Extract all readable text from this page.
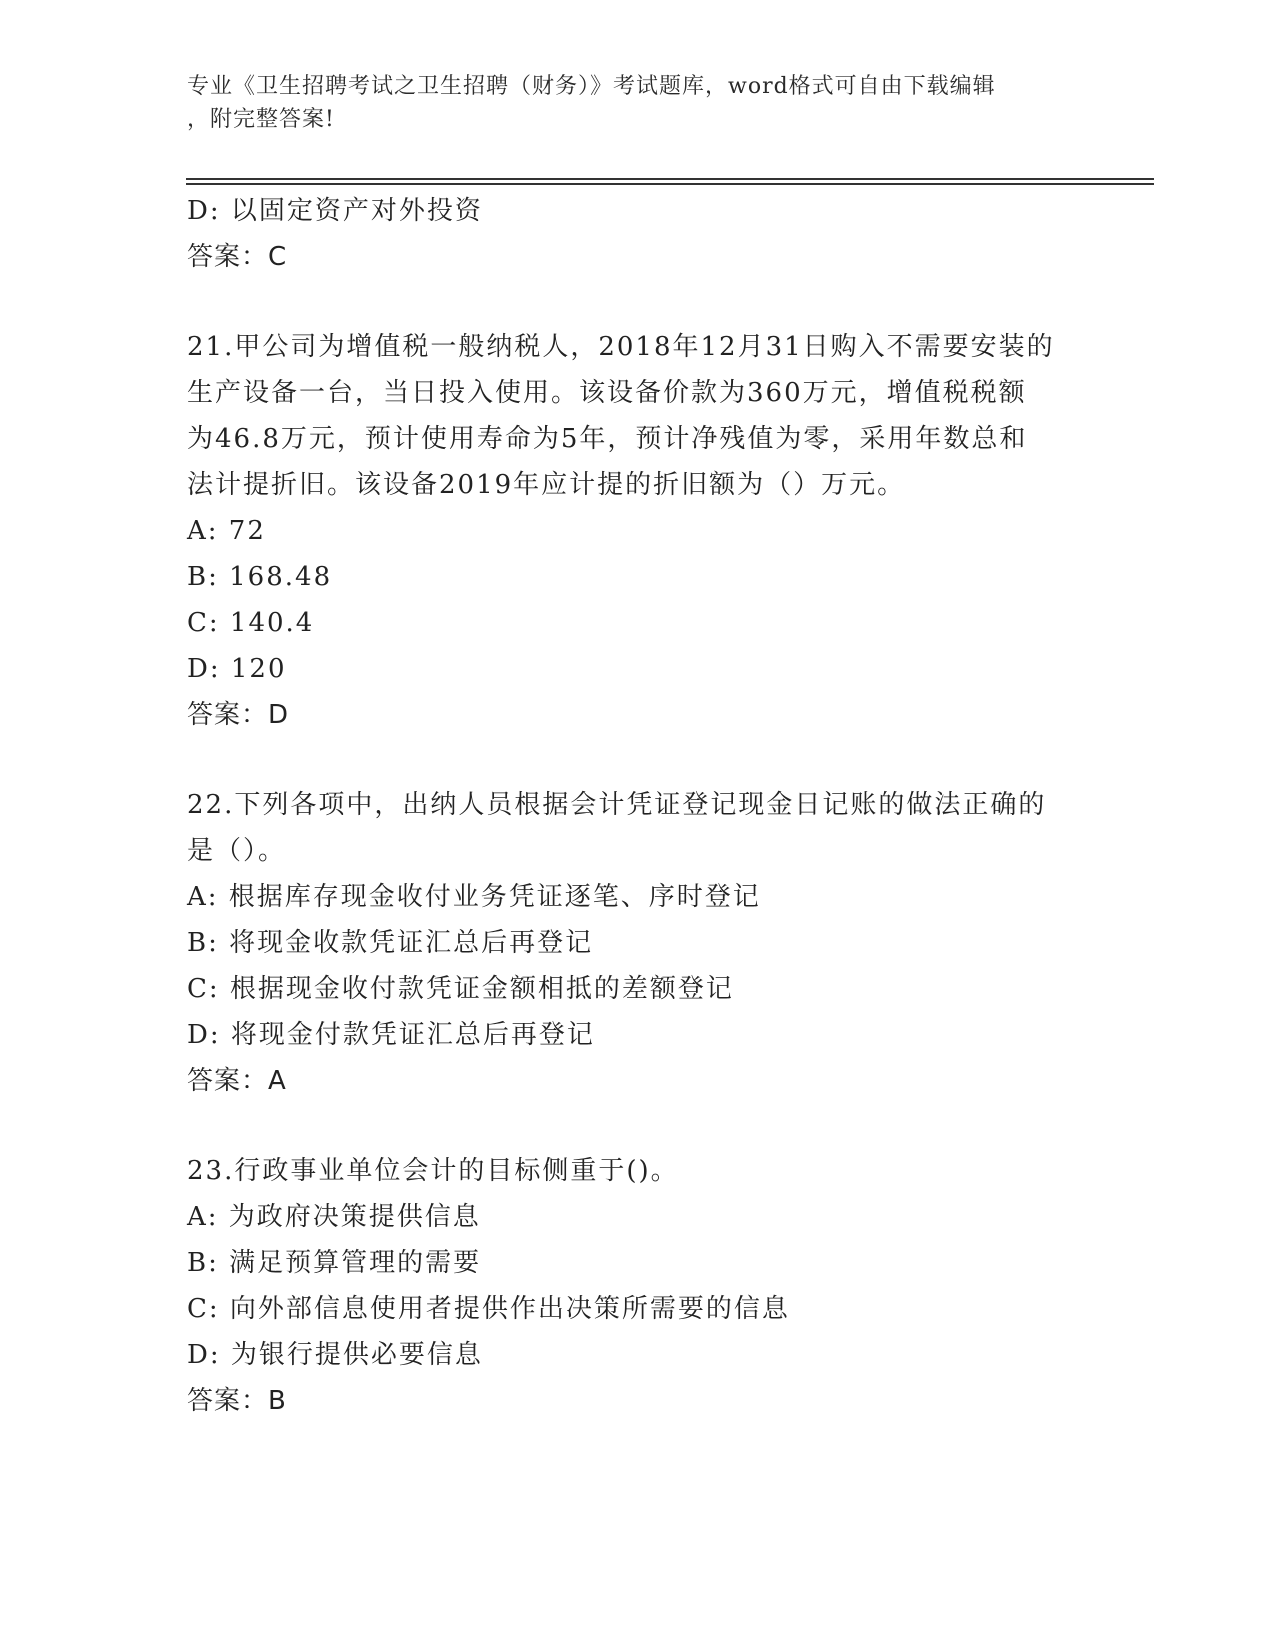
专业《卫生招聘考试之卫生招聘（财务）》考试题库，word格式可自由下载编辑
，附完整答案!
D: 以固定资产对外投资
答案：C
21.甲公司为增值税一般纳税人，2018年12月31日购入不需要安装的
生产设备一台，当日投入使用。该设备价款为360万元，增值税税额
为46.8万元，预计使用寿命为5年，预计净残值为零，采用年数总和
法计提折旧。该设备2019年应计提的折旧额为（）万元。
A: 72
B: 168.48
C: 140.4
D: 120
答案：D
22.下列各项中，出纳人员根据会计凭证登记现金日记账的做法正确的
是（）。
A: 根据库存现金收付业务凭证逐笔、序时登记
B: 将现金收款凭证汇总后再登记
C: 根据现金收付款凭证金额相抵的差额登记
D: 将现金付款凭证汇总后再登记
答案：A
23.行政事业单位会计的目标侧重于()。
A: 为政府决策提供信息
B: 满足预算管理的需要
C: 向外部信息使用者提供作出决策所需要的信息
D: 为银行提供必要信息
答案：B
